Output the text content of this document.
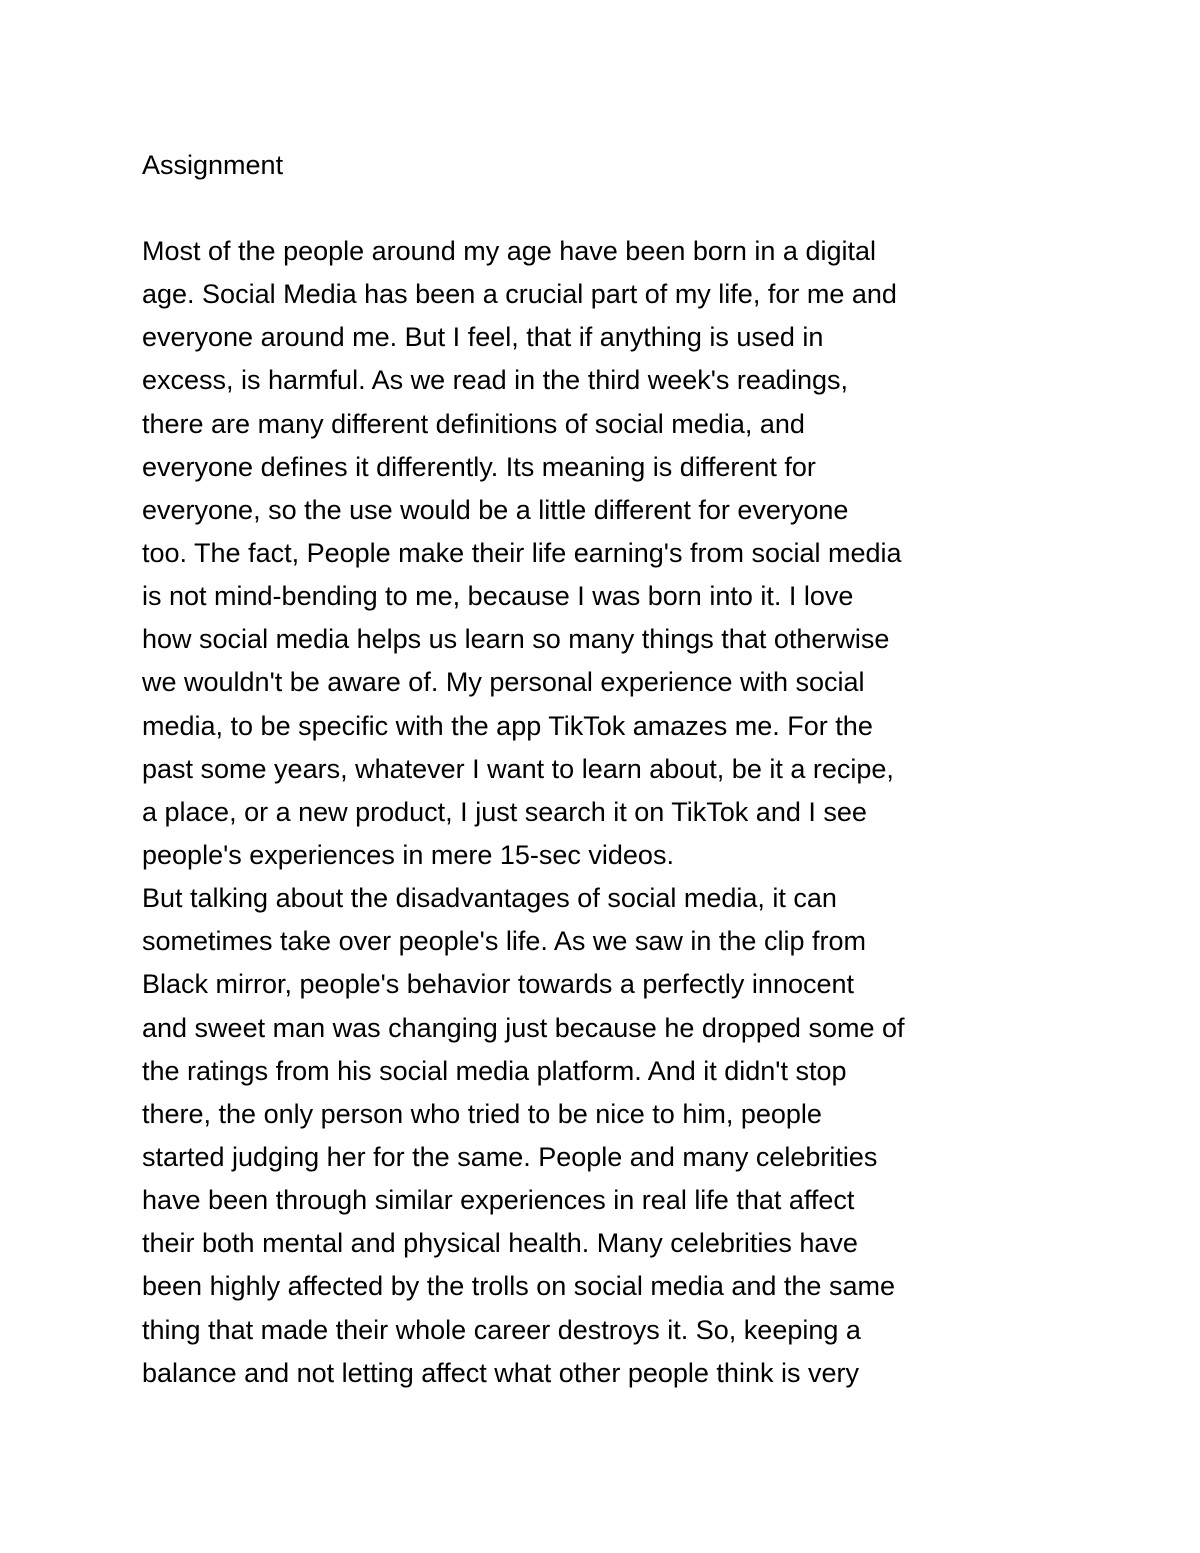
Assignment
Most of the people around my age have been born in a digital
age. Social Media has been a crucial part of my life, for me and
everyone around me. But I feel, that if anything is used in
excess, is harmful. As we read in the third week's readings,
there are many different definitions of social media, and
everyone defines it differently. Its meaning is different for
everyone, so the use would be a little different for everyone
too. The fact, People make their life earning's from social media
is not mind-bending to me, because I was born into it. I love
how social media helps us learn so many things that otherwise
we wouldn't be aware of. My personal experience with social
media, to be specific with the app TikTok amazes me. For the
past some years, whatever I want to learn about, be it a recipe,
a place, or a new product, I just search it on TikTok and I see
people's experiences in mere 15-sec videos.
But talking about the disadvantages of social media, it can
sometimes take over people's life. As we saw in the clip from
Black mirror, people's behavior towards a perfectly innocent
and sweet man was changing just because he dropped some of
the ratings from his social media platform. And it didn't stop
there, the only person who tried to be nice to him, people
started judging her for the same. People and many celebrities
have been through similar experiences in real life that affect
their both mental and physical health. Many celebrities have
been highly affected by the trolls on social media and the same
thing that made their whole career destroys it. So, keeping a
balance and not letting affect what other people think is very
